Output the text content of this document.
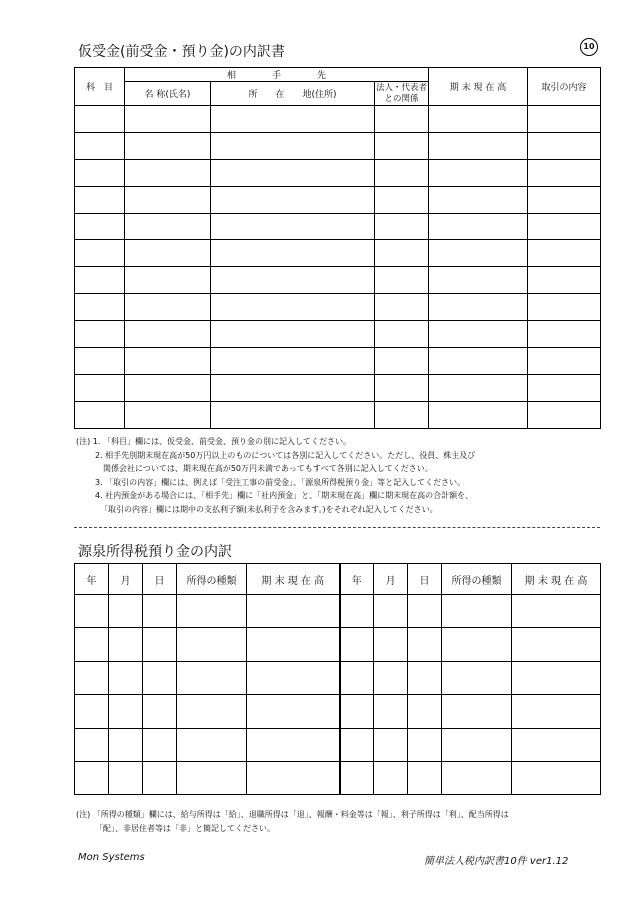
仮受金(前受金・預り金)の内訳書	10
科　目	相　　　　手　　　　先			期 末 現 在 高	取引の内容
	名 称(氏名)	所　　在　　地(住所)	法人・代表者との関係		

(注) 1. 「科目」欄には、仮受金、前受金、預り金の別に記入してください。
2. 相手先別期末現在高が50万円以上のものについては各別に記入してください。ただし、役員、株主及び
関係会社については、期末現在高が50万円未満であってもすべて各別に記入してください。
3. 「取引の内容」欄には、例えば「受注工事の前受金」、「源泉所得税預り金」等と記入してください。
4. 社内預金がある場合には、「相手先」欄に「社内預金」と、「期末現在高」欄に期末現在高の合計額を、
「取引の内容」欄には期中の支払利子額(未払利子を含みます。)をそれぞれ記入してください。
源泉所得税預り金の内訳
年	月	日	所得の種類	期 末 現 在 高	年	月	日	所得の種類	期 末 現 在 高

(注) 「所得の種類」欄には、給与所得は「給」、退職所得は「退」、報酬・料金等は「報」、利子所得は「利」、配当所得は
「配」、非居住者等は「非」と簡記してください。
Mon Systems	簡単法人税内訳書10件 ver1.12
